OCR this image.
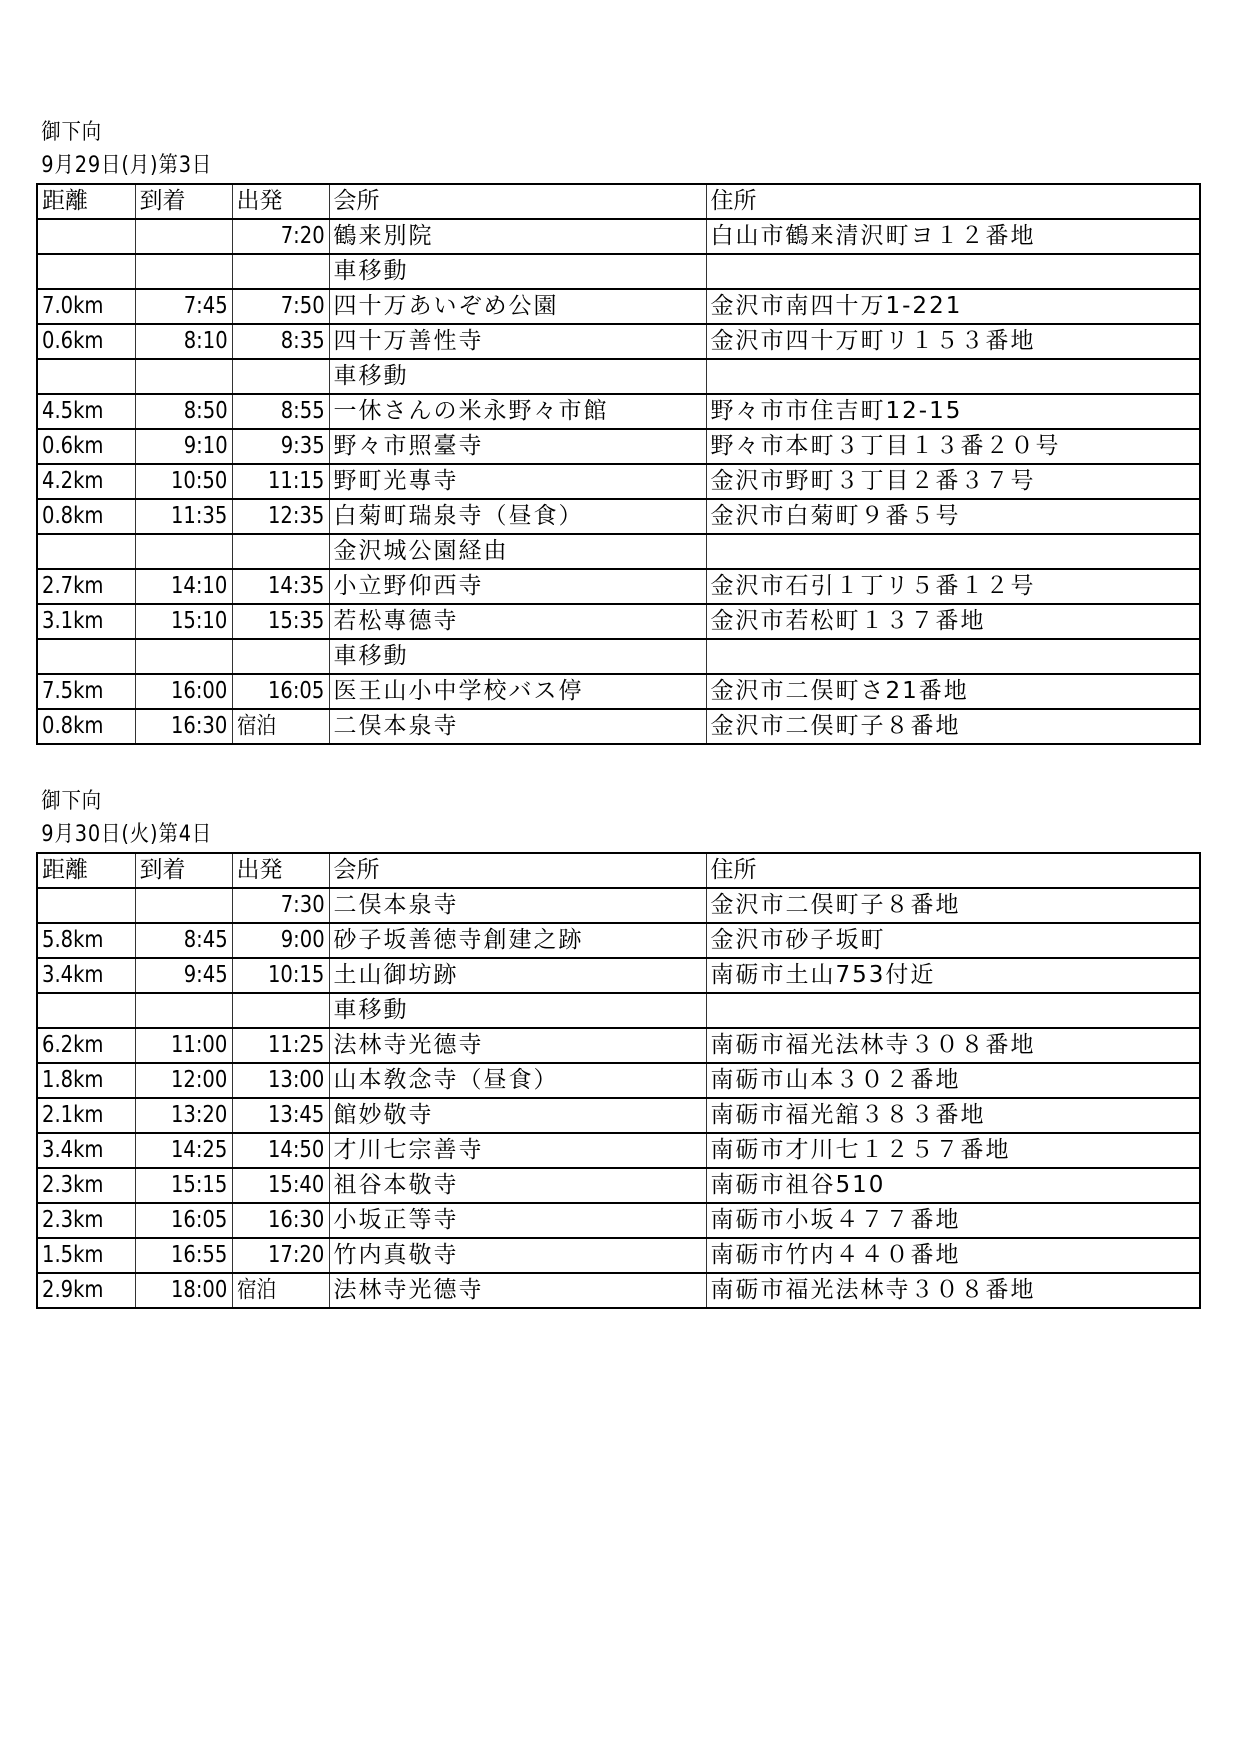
御下向
9月29日(月)第3日
距離	到着	出発	会所	住所
		7:20	鶴来別院	白山市鶴来清沢町ヨ１２番地
			車移動	
7.0km	7:45	7:50	四十万あいぞめ公園	金沢市南四十万1-221
0.6km	8:10	8:35	四十万善性寺	金沢市四十万町リ１５３番地
			車移動	
4.5km	8:50	8:55	一休さんの米永野々市館	野々市市住吉町12-15
0.6km	9:10	9:35	野々市照臺寺	野々市本町３丁目１３番２０号
4.2km	10:50	11:15	野町光專寺	金沢市野町３丁目２番３７号
0.8km	11:35	12:35	白菊町瑞泉寺（昼食）	金沢市白菊町９番５号
			金沢城公園経由	
2.7km	14:10	14:35	小立野仰西寺	金沢市石引１丁リ５番１２号
3.1km	15:10	15:35	若松專德寺	金沢市若松町１３７番地
			車移動	
7.5km	16:00	16:05	医王山小中学校バス停	金沢市二俣町さ21番地
0.8km	16:30	宿泊	二俣本泉寺	金沢市二俣町子８番地
御下向
9月30日(火)第4日
距離	到着	出発	会所	住所
		7:30	二俣本泉寺	金沢市二俣町子８番地
5.8km	8:45	9:00	砂子坂善徳寺創建之跡	金沢市砂子坂町
3.4km	9:45	10:15	土山御坊跡	南砺市土山753付近
			車移動	
6.2km	11:00	11:25	法林寺光德寺	南砺市福光法林寺３０８番地
1.8km	12:00	13:00	山本敎念寺（昼食）	南砺市山本３０２番地
2.1km	13:20	13:45	館妙敬寺	南砺市福光舘３８３番地
3.4km	14:25	14:50	才川七宗善寺	南砺市才川七１２５７番地
2.3km	15:15	15:40	祖谷本敬寺	南砺市祖谷510
2.3km	16:05	16:30	小坂正等寺	南砺市小坂４７７番地
1.5km	16:55	17:20	竹内真敬寺	南砺市竹内４４０番地
2.9km	18:00	宿泊	法林寺光德寺	南砺市福光法林寺３０８番地
